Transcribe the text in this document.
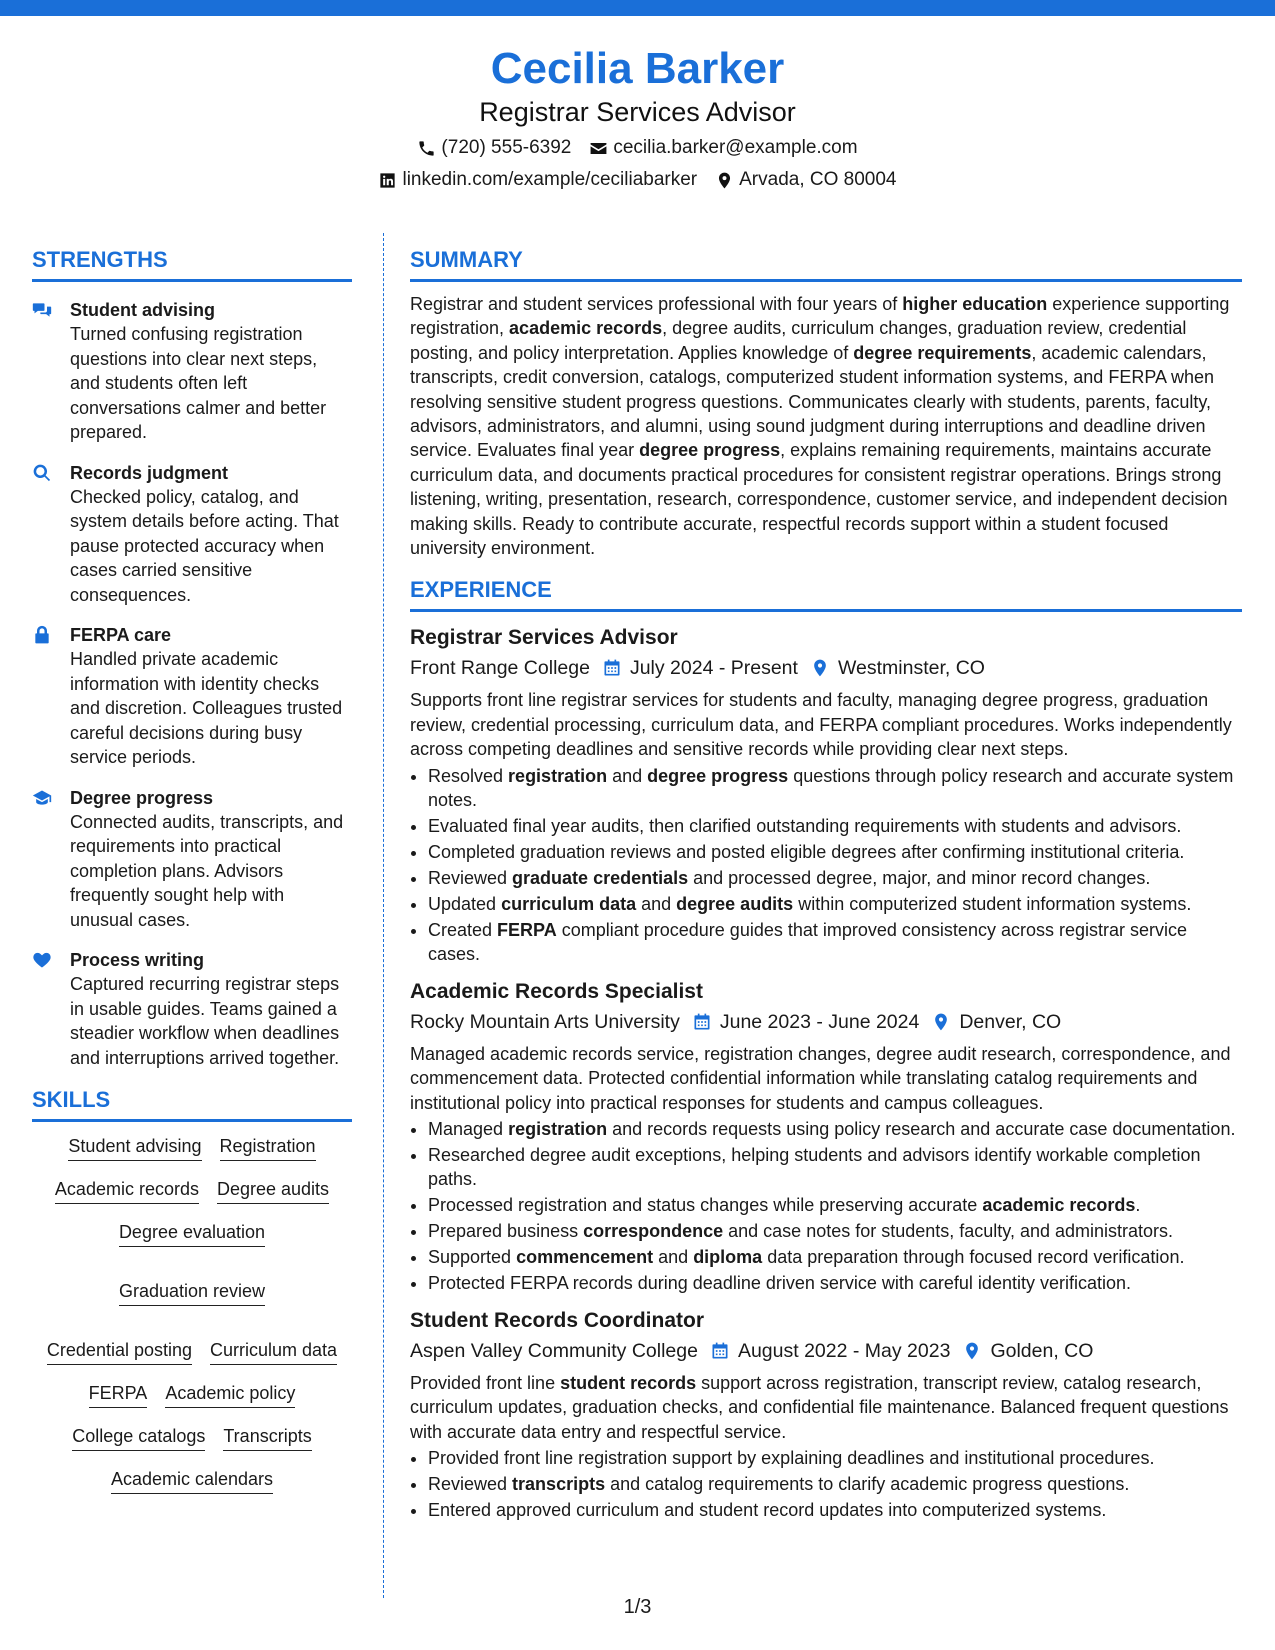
Cecilia Barker
Registrar Services Advisor
(720) 555-6392 cecilia.barker@example.com
linkedin.com/example/ceciliabarker Arvada, CO 80004
STRENGTHS
Student advising
Turned confusing registration questions into clear next steps, and students often left conversations calmer and better prepared.
Records judgment
Checked policy, catalog, and system details before acting. That pause protected accuracy when cases carried sensitive consequences.
FERPA care
Handled private academic information with identity checks and discretion. Colleagues trusted careful decisions during busy service periods.
Degree progress
Connected audits, transcripts, and requirements into practical completion plans. Advisors frequently sought help with unusual cases.
Process writing
Captured recurring registrar steps in usable guides. Teams gained a steadier workflow when deadlines and interruptions arrived together.
SKILLS
Student advising Registration
Academic records Degree audits
Degree evaluation
Graduation review
Credential posting Curriculum data
FERPA Academic policy
College catalogs Transcripts
Academic calendars
SUMMARY
Registrar and student services professional with four years of higher education experience supporting registration, academic records, degree audits, curriculum changes, graduation review, credential posting, and policy interpretation. Applies knowledge of degree requirements, academic calendars, transcripts, credit conversion, catalogs, computerized student information systems, and FERPA when resolving sensitive student progress questions. Communicates clearly with students, parents, faculty, advisors, administrators, and alumni, using sound judgment during interruptions and deadline driven service. Evaluates final year degree progress, explains remaining requirements, maintains accurate curriculum data, and documents practical procedures for consistent registrar operations. Brings strong listening, writing, presentation, research, correspondence, customer service, and independent decision making skills. Ready to contribute accurate, respectful records support within a student focused university environment.
EXPERIENCE
Registrar Services Advisor
Front Range College July 2024 - Present Westminster, CO
Supports front line registrar services for students and faculty, managing degree progress, graduation review, credential processing, curriculum data, and FERPA compliant procedures. Works independently across competing deadlines and sensitive records while providing clear next steps.
• Resolved registration and degree progress questions through policy research and accurate system notes.
• Evaluated final year audits, then clarified outstanding requirements with students and advisors.
• Completed graduation reviews and posted eligible degrees after confirming institutional criteria.
• Reviewed graduate credentials and processed degree, major, and minor record changes.
• Updated curriculum data and degree audits within computerized student information systems.
• Created FERPA compliant procedure guides that improved consistency across registrar service cases.
Academic Records Specialist
Rocky Mountain Arts University June 2023 - June 2024 Denver, CO
Managed academic records service, registration changes, degree audit research, correspondence, and commencement data. Protected confidential information while translating catalog requirements and institutional policy into practical responses for students and campus colleagues.
• Managed registration and records requests using policy research and accurate case documentation.
• Researched degree audit exceptions, helping students and advisors identify workable completion paths.
• Processed registration and status changes while preserving accurate academic records.
• Prepared business correspondence and case notes for students, faculty, and administrators.
• Supported commencement and diploma data preparation through focused record verification.
• Protected FERPA records during deadline driven service with careful identity verification.
Student Records Coordinator
Aspen Valley Community College August 2022 - May 2023 Golden, CO
Provided front line student records support across registration, transcript review, catalog research, curriculum updates, graduation checks, and confidential file maintenance. Balanced frequent questions with accurate data entry and respectful service.
• Provided front line registration support by explaining deadlines and institutional procedures.
• Reviewed transcripts and catalog requirements to clarify academic progress questions.
• Entered approved curriculum and student record updates into computerized systems.
1/3
